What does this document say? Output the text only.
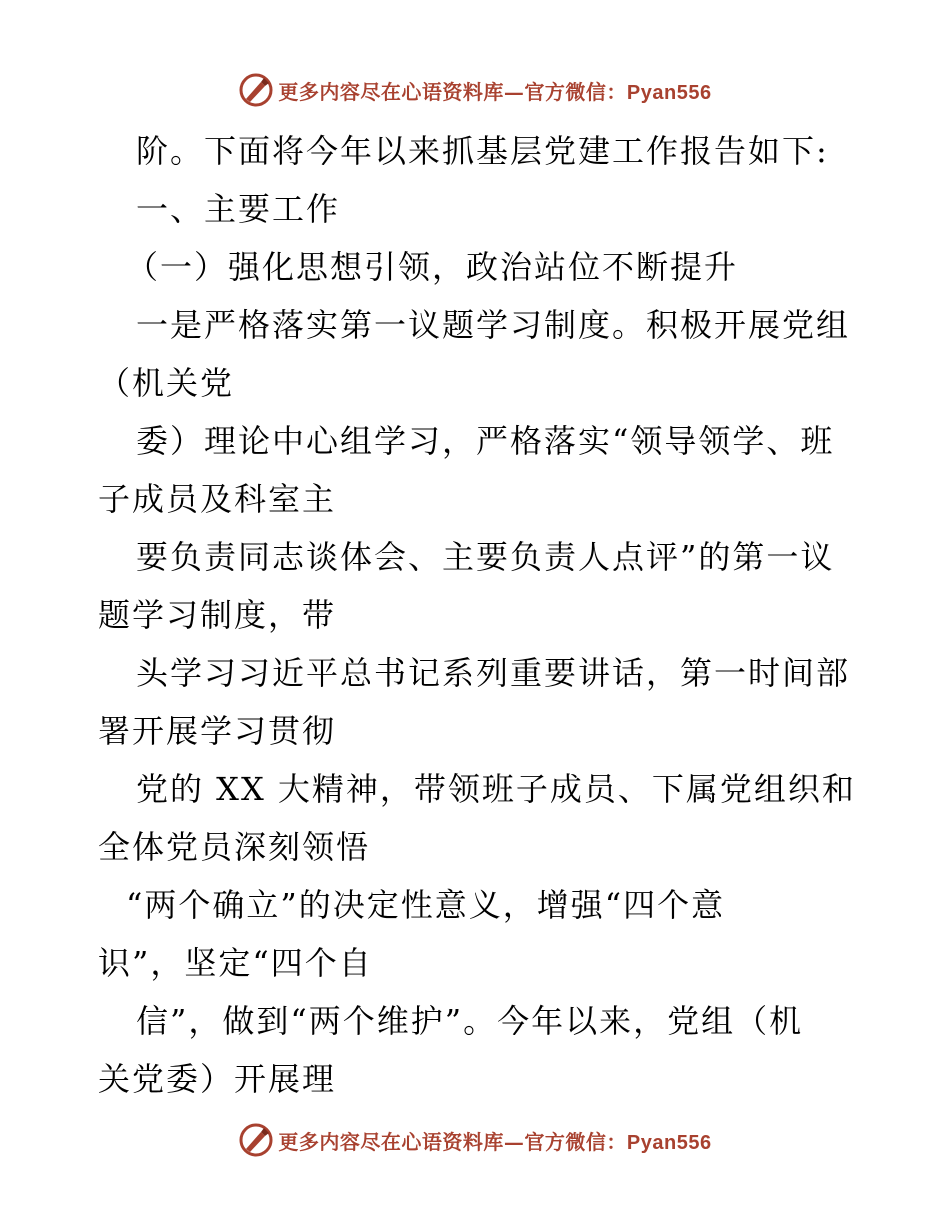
更多内容尽在心语资料库—官方微信：Pyan556
阶。下面将今年以来抓基层党建工作报告如下:
一、主要工作
（一）强化思想引领，政治站位不断提升
一是严格落实第一议题学习制度。积极开展党组
（机关党
委）理论中心组学习，严格落实“领导领学、班
子成员及科室主
要负责同志谈体会、主要负责人点评”的第一议
题学习制度，带
头学习习近平总书记系列重要讲话，第一时间部
署开展学习贯彻
党的 XX 大精神，带领班子成员、下属党组织和
全体党员深刻领悟
“两个确立”的决定性意义，增强“四个意
识”，坚定“四个自
信”，做到“两个维护”。今年以来，党组（机
关党委）开展理
更多内容尽在心语资料库—官方微信：Pyan556
